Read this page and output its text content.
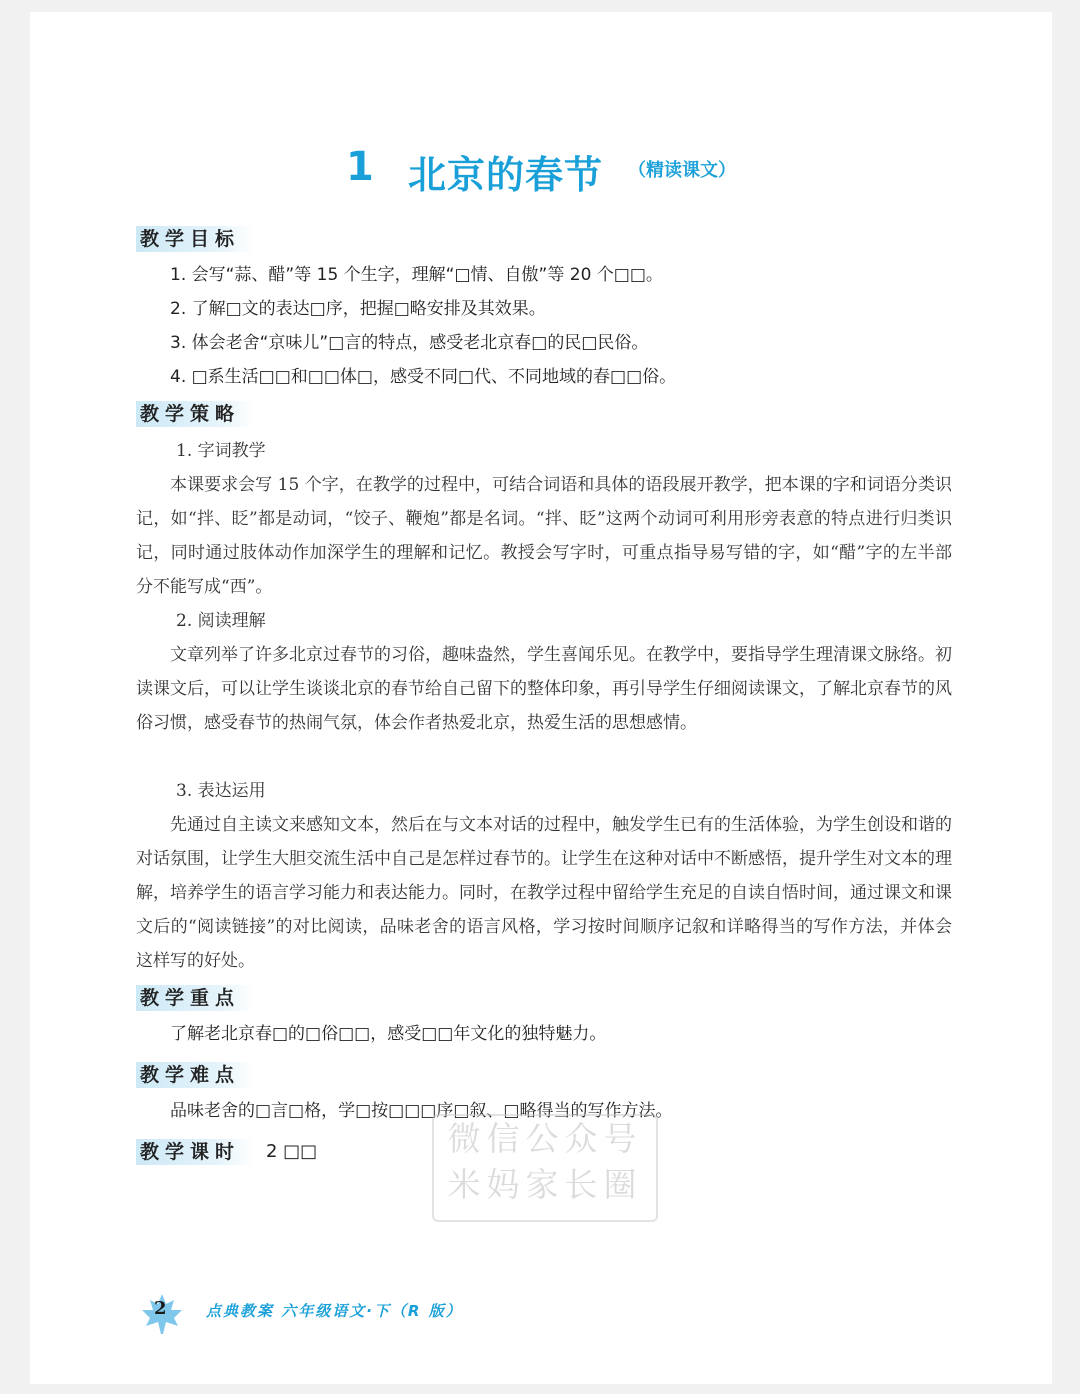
1 北京的春节 （精读课文）
教学目标

1. 会写“蒜、醋”等 15 个生字，理解“□情、自傲”等 20 个□□。

2. 了解□文的表达□序，把握□略安排及其效果。

3. 体会老舍“京味儿”□言的特点，感受老北京春□的民□民俗。

4. □系生活□□和□□体□，感受不同□代、不同地域的春□□俗。

教学策略

1. 字词教学

本课要求会写 15 个字，在教学的过程中，可结合词语和具体的语段展开教学，把本课的字和词语分类识记，如“拌、眨”都是动词，“饺子、鞭炮”都是名词。“拌、眨”这两个动词可利用形旁表意的特点进行归类识记，同时通过肢体动作加深学生的理解和记忆。教授会写字时，可重点指导易写错的字，如“醋”字的左半部分不能写成“西”。

2. 阅读理解

文章列举了许多北京过春节的习俗，趣味盎然，学生喜闻乐见。在教学中，要指导学生理清课文脉络。初读课文后，可以让学生谈谈北京的春节给自己留下的整体印象，再引导学生仔细阅读课文，了解北京春节的风俗习惯，感受春节的热闹气氛，体会作者热爱北京，热爱生活的思想感情。

3. 表达运用

先通过自主读文来感知文本，然后在与文本对话的过程中，触发学生已有的生活体验，为学生创设和谐的对话氛围，让学生大胆交流生活中自己是怎样过春节的。让学生在这种对话中不断感悟，提升学生对文本的理解，培养学生的语言学习能力和表达能力。同时，在教学过程中留给学生充足的自读自悟时间，通过课文和课文后的“阅读链接”的对比阅读，品味老舍的语言风格，学习按时间顺序记叙和详略得当的写作方法，并体会这样写的好处。

教学重点

了解老北京春□的□俗□□，感受□□年文化的独特魅力。

教学难点

品味老舍的□言□格，学□按□□□序□叙、□略得当的写作方法。

教学课时	2 □□	微信公众号
米妈家长圈
2	点典教案 六年级语文·下（R 版）
